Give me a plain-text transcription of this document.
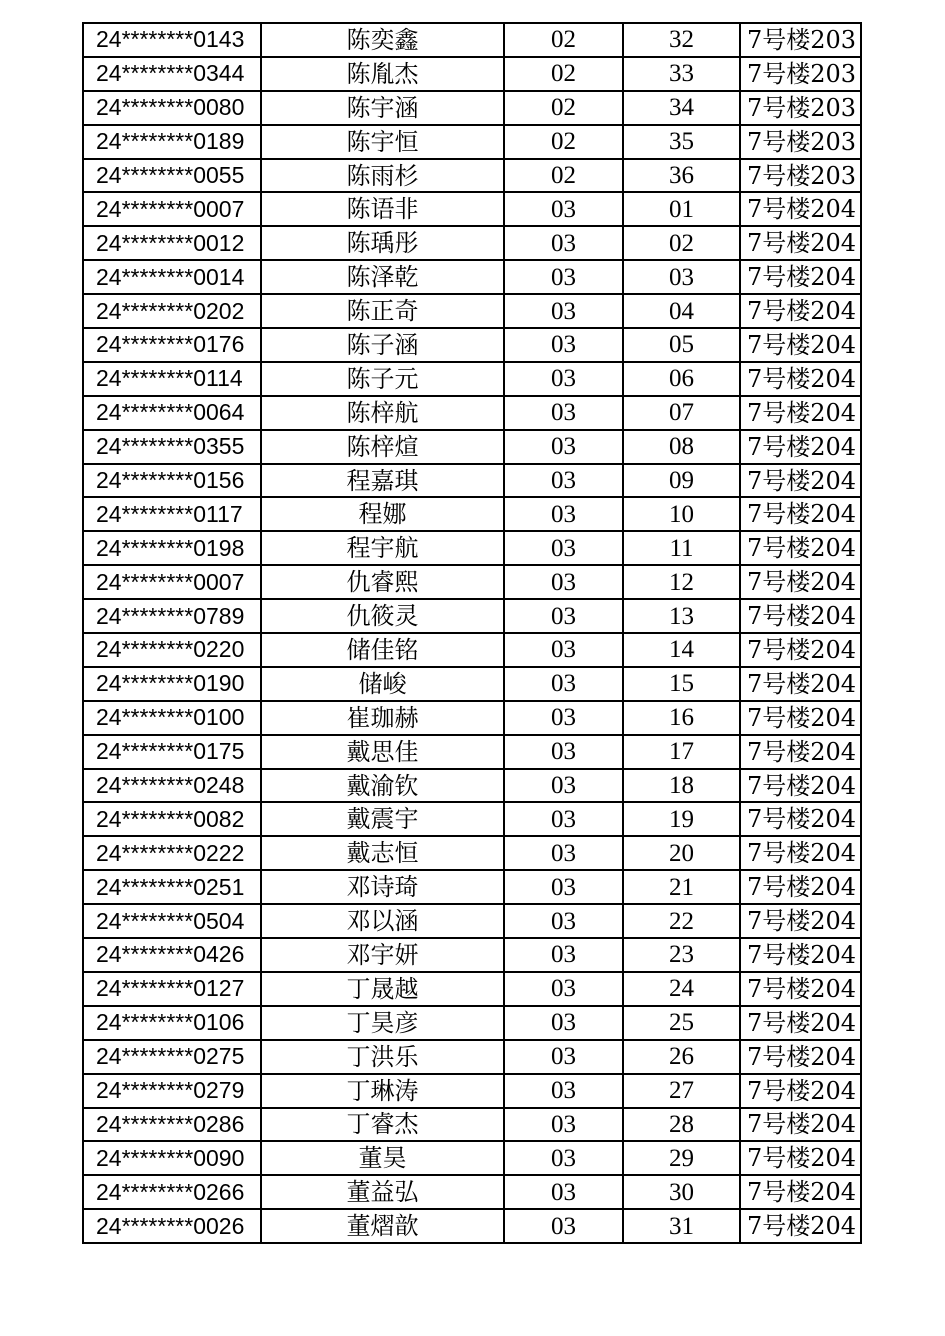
24********0143	陈奕鑫	02	32	7号楼203
24********0344	陈胤杰	02	33	7号楼203
24********0080	陈宇涵	02	34	7号楼203
24********0189	陈宇恒	02	35	7号楼203
24********0055	陈雨杉	02	36	7号楼203
24********0007	陈语非	03	01	7号楼204
24********0012	陈瑀彤	03	02	7号楼204
24********0014	陈泽乾	03	03	7号楼204
24********0202	陈正奇	03	04	7号楼204
24********0176	陈子涵	03	05	7号楼204
24********0114	陈子元	03	06	7号楼204
24********0064	陈梓航	03	07	7号楼204
24********0355	陈梓煊	03	08	7号楼204
24********0156	程嘉琪	03	09	7号楼204
24********0117	程娜	03	10	7号楼204
24********0198	程宇航	03	11	7号楼204
24********0007	仇睿熙	03	12	7号楼204
24********0789	仇筱灵	03	13	7号楼204
24********0220	储佳铭	03	14	7号楼204
24********0190	储峻	03	15	7号楼204
24********0100	崔珈赫	03	16	7号楼204
24********0175	戴思佳	03	17	7号楼204
24********0248	戴渝钦	03	18	7号楼204
24********0082	戴震宇	03	19	7号楼204
24********0222	戴志恒	03	20	7号楼204
24********0251	邓诗琦	03	21	7号楼204
24********0504	邓以涵	03	22	7号楼204
24********0426	邓宇妍	03	23	7号楼204
24********0127	丁晟越	03	24	7号楼204
24********0106	丁昊彦	03	25	7号楼204
24********0275	丁洪乐	03	26	7号楼204
24********0279	丁琳涛	03	27	7号楼204
24********0286	丁睿杰	03	28	7号楼204
24********0090	董昊	03	29	7号楼204
24********0266	董益弘	03	30	7号楼204
24********0026	董熠歆	03	31	7号楼204
